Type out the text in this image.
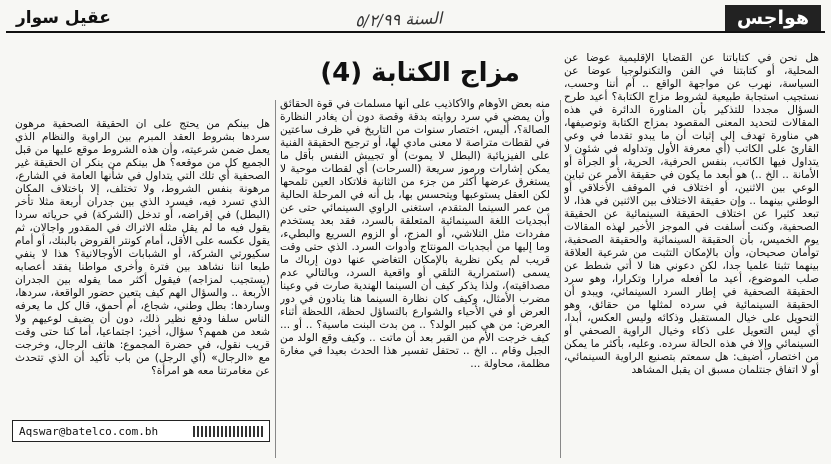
هواجس
عقيل سوار	السنة ٥/٢/٩٩
مزاج الكتابة (4)	هل نحن في كتاباتنا عن القضايا الإقليمية عوضا عن المحلية، أو كتابتنا في الفن والتكنولوجيا عوضا عن السياسة، نهرب عن مواجهة الواقع .. أم أننا وحسب، نستجيب استجابة طبيعية لشروط مزاج الكتابة؟ أعيد طرح السؤال مجددا للتذكير بأن المناورة الدائرة في هذه المقالات لتحديد المعنى المقصود بمزاج الكتابة وتوصيفها، هي مناورة تهدف إلى إثبات أن ما يبدو تقدما في وعي القارئ على الكاتب (أي معرفة الأول وتداوله في شئون لا يتداول فيها الكاتب، بنفس الحرفية، الحرية، أو الجرأة أو الأمانة .. الخ ..) هو أبعد ما يكون في حقيقة الأمر عن تباين الوعي بين الاثنين، أو اختلاف في الموقف الأخلاقي أو الوطني بينهما .. وإن حقيقة الاختلاف بين الاثنين في هذا، لا تبعد كثيرا عن اختلاف الحقيقة السينمائية عن الحقيقة الصحفية، وكنت أسلفت في الموجز الأخير لهذه المقالات يوم الخميس، بأن الحقيقة السينمائية والحقيقة الصحفية، توأمان صحيحان، وأن بالإمكان التثبت من شرعية العلاقة بينهما تثبتا علميا جدا، لكن دعوني هنا لا أتي شطط عن صلب الموضوع، أعيد ما أفعله مرارا وتكرارا، وهو سرد الحقيقة الصحفية في إطار السرد السينمائي، ويبدو أن الحقيقة السينمائية في سرده لمثلها من حقائق، وهو التحويل على خيال المستقبل وذكائه وليس العكس، أبدا، أي ليس التعويل على ذكاء وخيال الراوية الصحفي أو السينمائي وإلا في هذه الحالة سرده. وعليه، بأكثر ما يمكن من اختصار، أضيف: هل سمعتم بتصنيع الراوية السينمائي، أو لا اتفاق جنتلمان مسبق ان يقبل المشاهد

منه بعض الأوهام والأكاذيب على أنها مسلمات في قوة الحقائق وأن يمضي في سرد روايته بدقة وقصة دون أن يغادر النظارة الصالة؟، أليس، اختصار سنوات من التاريخ في ظرف ساعتين في لقطات متراصة لا معنى مادي لها، أو ترجيح الحقيقة الفنية على الفيزيائية (البطل لا يموت) أو تجييش النفس بأقل ما يمكن إشارات ورموز سريعة (السرحات) أي لقطات موحية لا يستغرق عرضها أكثر من جزء من الثانية فلاتكاد العين تلمحها لكن العقل يستوعبها ويتحسس بها، بل أنه في المرحلة الحالية من عمر السينما المتقدم، استغنى الراوي السينمائي حتى عن أبجديات اللغة السينمائية المتعلقة بالسرد، فقد بعد يستخدم مفردات مثل التلاشي، أو المزج، أو الزوم السريع والبطيء، وما إليها من أبجديات المونتاج وأدوات السرد. الذي حتى وقت قريب لم يكن نظرية بالإمكان التغاضي عنها دون إرباك ما يسمى (استمرارية التلقي أو واقعية السرد، وبالتالي عدم مصداقيته)، ولذا يذكر كيف أن السينما الهندية صارت في وعينا مضرب الأمثال، وكيف كان نظارة السينما هنا ينادون في دور العرض أو في الأحياء والشوارع بالتساؤل لحظة، اللحظة أثناء العرض: من هي كبير الولد؟ .. من بدت البنت ماسية؟ .. أو ... كيف خرجت الأم من القبر بعد أن ماتت .. وكيف وقع الولد من الجبل وقام .. الخ .. تحتفل تفسير هذا الحدث بعيدا في مغارة مظلمة، محاولة ...

هل بينكم من يحتج على ان الحقيقة الصحفية مرهون سردها بشروط العقد المبرم بين الراوية والنظام الذي يعمل ضمن شرعيته، وأن هذه الشروط موقع عليها من قبل الجميع كل من موقعه؟ هل بينكم من ينكر ان الحقيقة غير الصحفية أي تلك التي يتداول في شأنها العامة في الشارع، مرهونة بنفس الشروط، ولا تختلف، إلا باختلاف المكان الذي تسرد فيه، فيسرد الذي بين جدران أربعة مثلا تأخر (البطل) في إقراضه، أو تدخل (الشركة) في حرياته سردا يقول فيه ما لم يقل مثله الاتراك في المقدور واجالان، ثم يقول عكسه على الأقل، أمام كونتر القروض بالبنك، أو أمام سكيورتي الشركة، أو الشبابات الأوجالانية؟ هذا لا ينفي طبعا اننا نشاهد بين فترة وأخرى مواطنا يفقد أعصابه (يستجيب لمزاجه) فيقول أكثر مما يقوله بين الجدران الأربعة .. والسؤال الهم كيف يتعين حضور الواقعة، سردها، وساردها: بطل وطني، شجاع، أم أحمق، قال كل ما يعرفه الناس سلفا ودفع نظير ذلك، دون أن يضيف لوعيهم ولا شعد من همهم؟ سؤال، أخير: اجتماعيا، أما كنا حتى وقت قريب نقول، في حضرة المجموع: هاتف الرجال، وخرجت مع «الرجال» (أي الرجل) من باب تأكيد أن الذي تتحدث عن مغامرتنا معه هو امرأة؟

Aqswar@batelco.com.bh
